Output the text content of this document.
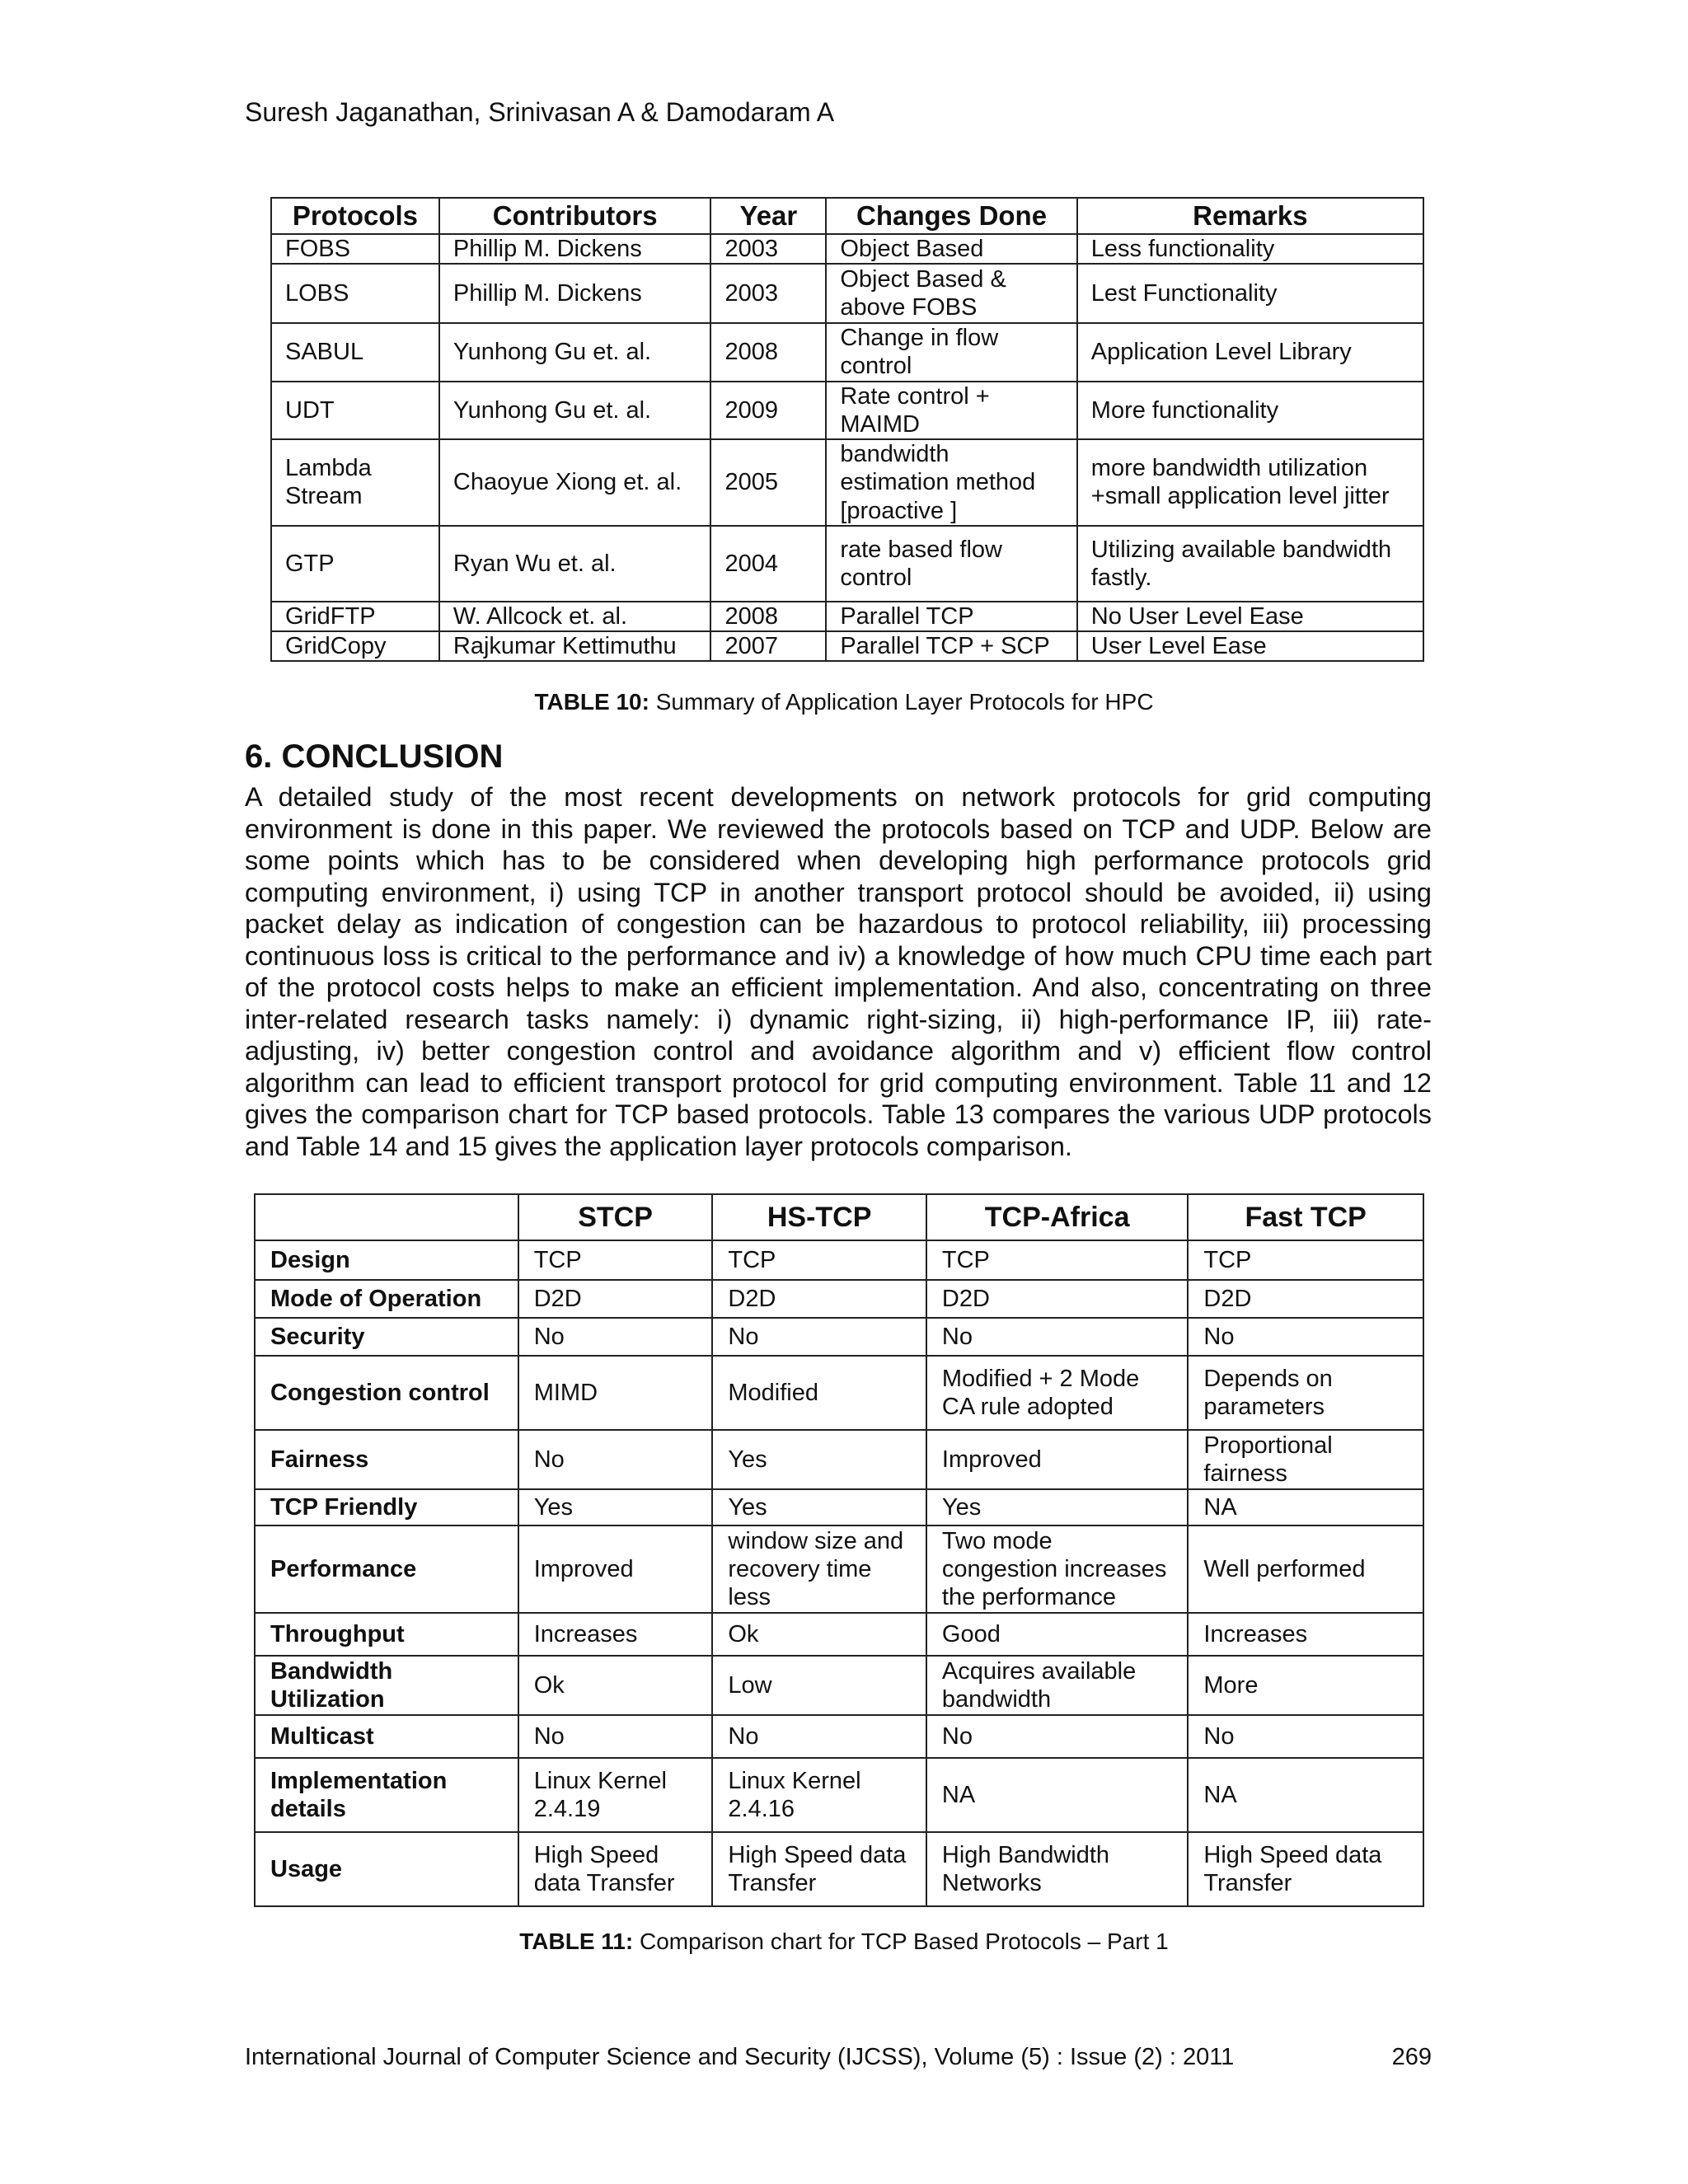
Suresh Jaganathan, Srinivasan A & Damodaram A
Protocols	Contributors	Year	Changes Done	Remarks
FOBS	Phillip M. Dickens	2003	Object Based	Less functionality
LOBS	Phillip M. Dickens	2003	Object Based & above FOBS	Lest Functionality
SABUL	Yunhong Gu et. al.	2008	Change in flow control	Application Level Library
UDT	Yunhong Gu et. al.	2009	Rate control + MAIMD	More functionality
Lambda Stream	Chaoyue Xiong et. al.	2005	bandwidth estimation method [proactive ]	more bandwidth utilization +small application level jitter
GTP	Ryan Wu et. al.	2004	rate based flow control	Utilizing available bandwidth fastly.
GridFTP	W. Allcock et. al.	2008	Parallel TCP	No User Level Ease
GridCopy	Rajkumar Kettimuthu	2007	Parallel TCP + SCP	User Level Ease
TABLE 10: Summary of Application Layer Protocols for HPC
6. CONCLUSION
A detailed study of the most recent developments on network protocols for grid computing environment is done in this paper. We reviewed the protocols based on TCP and UDP. Below are some points which has to be considered when developing high performance protocols grid computing environment, i) using TCP in another transport protocol should be avoided, ii) using packet delay as indication of congestion can be hazardous to protocol reliability, iii) processing continuous loss is critical to the performance and iv) a knowledge of how much CPU time each part of the protocol costs helps to make an efficient implementation. And also, concentrating on three inter-related research tasks namely: i) dynamic right-sizing, ii) high-performance IP, iii) rate-adjusting, iv) better congestion control and avoidance algorithm and v) efficient flow control algorithm can lead to efficient transport protocol for grid computing environment. Table 11 and 12 gives the comparison chart for TCP based protocols. Table 13 compares the various UDP protocols and Table 14 and 15 gives the application layer protocols comparison.
	STCP	HS-TCP	TCP-Africa	Fast TCP
Design	TCP	TCP	TCP	TCP
Mode of Operation	D2D	D2D	D2D	D2D
Security	No	No	No	No
Congestion control	MIMD	Modified	Modified + 2 Mode CA rule adopted	Depends on parameters
Fairness	No	Yes	Improved	Proportional fairness
TCP Friendly	Yes	Yes	Yes	NA
Performance	Improved	window size and recovery time less	Two mode congestion increases the performance	Well performed
Throughput	Increases	Ok	Good	Increases
Bandwidth Utilization	Ok	Low	Acquires available bandwidth	More
Multicast	No	No	No	No
Implementation details	Linux Kernel 2.4.19	Linux Kernel 2.4.16	NA	NA
Usage	High Speed data Transfer	High Speed data Transfer	High Bandwidth Networks	High Speed data Transfer
TABLE 11: Comparison chart for TCP Based Protocols – Part 1
International Journal of Computer Science and Security (IJCSS), Volume (5) : Issue (2) : 2011	269
